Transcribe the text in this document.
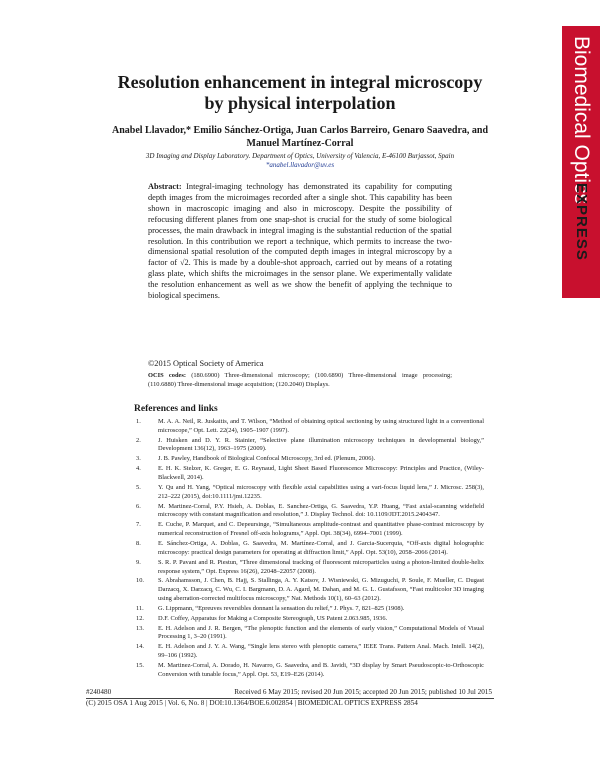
Biomedical Optics
EXPRESS
Resolution enhancement in integral microscopy
by physical interpolation
Anabel Llavador,* Emilio Sánchez-Ortiga, Juan Carlos Barreiro, Genaro Saavedra, and
Manuel Martínez-Corral
3D Imaging and Display Laboratory. Department of Optics, University of Valencia, E-46100 Burjassot, Spain
*anabel.llavador@uv.es
Abstract: Integral-imaging technology has demonstrated its capability for computing depth images from the microimages recorded after a single shot. This capability has been shown in macroscopic imaging and also in microscopy. Despite the possibility of refocusing different planes from one snap-shot is crucial for the study of some biological processes, the main drawback in integral imaging is the substantial reduction of the spatial resolution. In this contribution we report a technique, which permits to increase the two-dimensional spatial resolution of the computed depth images in integral microscopy by a factor of √2. This is made by a double-shot approach, carried out by means of a rotating glass plate, which shifts the microimages in the sensor plane. We experimentally validate the resolution enhancement as well as we show the benefit of applying the technique to biological specimens.
©2015 Optical Society of America
OCIS codes: (180.6900) Three-dimensional microscopy; (100.6890) Three-dimensional image processing; (110.6880) Three-dimensional image acquisition; (120.2040) Displays.
References and links
1.	M. A. A. Neil, R. Juskaitis, and T. Wilson, “Method of obtaining optical sectioning by using structured light in a conventional microscope,” Opt. Lett. 22(24), 1905–1907 (1997).
2.	J. Huisken and D. Y. R. Stainier, “Selective plane illumination microscopy techniques in developmental biology,” Development 136(12), 1963–1975 (2009).
3.	J. B. Pawley, Handbook of Biological Confocal Microscopy, 3rd ed. (Plenum, 2006).
4.	E. H. K. Stelzer, K. Greger, E. G. Reynaud, Light Sheet Based Fluorescence Microscopy: Principles and Practice, (Wiley-Blackwell, 2014).
5.	Y. Qu and H. Yang, “Optical microscopy with flexible axial capabilities using a vari-focus liquid lens,” J. Microsc. 258(3), 212–222 (2015), doi:10.1111/jmi.12235.
6.	M. Martinez-Corral, P.Y. Hsieh, A. Doblas, E. Sanchez-Ortiga, G. Saavedra, Y.P. Huang, “Fast axial-scanning widefield microscopy with constant magnification and resolution,” J. Display Technol. doi: 10.1109/JDT.2015.2404347.
7.	E. Cuche, P. Marquet, and C. Depeursinge, “Simultaneous amplitude-contrast and quantitative phase-contrast microscopy by numerical reconstruction of Fresnel off-axis holograms,” Appl. Opt. 38(34), 6994–7001 (1999).
8.	E. Sánchez-Ortiga, A. Doblas, G. Saavedra, M. Martínez-Corral, and J. Garcia-Sucerquia, “Off-axis digital holographic microscopy: practical design parameters for operating at diffraction limit,” Appl. Opt. 53(10), 2058–2066 (2014).
9.	S. R. P. Pavani and R. Piestun, “Three dimensional tracking of fluorescent microparticles using a photon-limited double-helix response system,” Opt. Express 16(26), 22048–22057 (2008).
10.	S. Abrahamsson, J. Chen, B. Hajj, S. Stallinga, A. Y. Katsov, J. Wisniewski, G. Mizuguchi, P. Soule, F. Mueller, C. Dugast Darzacq, X. Darzacq, C. Wu, C. I. Bargmann, D. A. Agard, M. Dahan, and M. G. L. Gustafsson, “Fast multicolor 3D imaging using aberration-corrected multifocus microscopy,” Nat. Methods 10(1), 60–63 (2012).
11.	G. Lippmann, “Epreuves reversibles donnant la sensation du relief,” J. Phys. 7, 821–825 (1908).
12.	D.F. Coffey, Apparatus for Making a Composite Stereograph, US Patent 2.063.985, 1936.
13.	E. H. Adelson and J. R. Bergen, “The plenoptic function and the elements of early vision,” Computational Models of Visual Processing 1, 3–20 (1991).
14.	E. H. Adelson and J. Y. A. Wang, “Single lens stereo with plenoptic camera,” IEEE Trans. Pattern Anal. Mach. Intell. 14(2), 99–106 (1992).
15.	M. Martinez-Corral, A. Dorado, H. Navarro, G. Saavedra, and B. Javidi, “3D display by Smart Pseudoscopic-to-Orthoscopic Conversion with tunable focus,” Appl. Opt. 53, E19–E26 (2014).
#240480	Received 6 May 2015; revised 20 Jun 2015; accepted 20 Jun 2015; published 10 Jul 2015
(C) 2015 OSA 1 Aug 2015 | Vol. 6, No. 8 | DOI:10.1364/BOE.6.002854 | BIOMEDICAL OPTICS EXPRESS 2854
